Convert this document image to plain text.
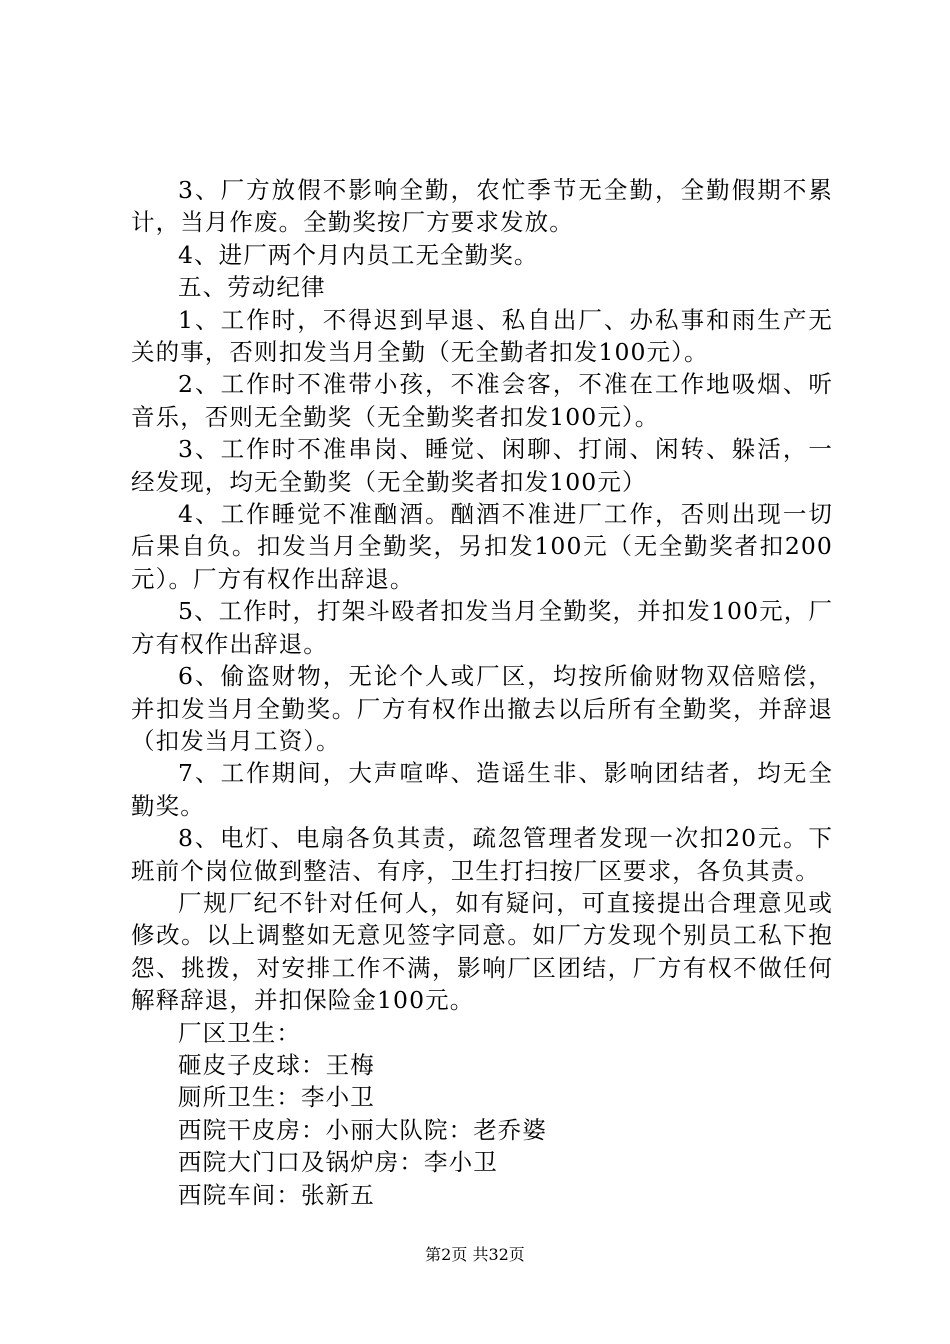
3、厂方放假不影响全勤，农忙季节无全勤，全勤假期不累计，当月作废。全勤奖按厂方要求发放。

4、进厂两个月内员工无全勤奖。

五、劳动纪律

1、工作时，不得迟到早退、私自出厂、办私事和雨生产无关的事，否则扣发当月全勤（无全勤者扣发100元）。

2、工作时不准带小孩，不准会客，不准在工作地吸烟、听音乐，否则无全勤奖（无全勤奖者扣发100元）。

3、工作时不准串岗、睡觉、闲聊、打闹、闲转、躲活，一经发现，均无全勤奖（无全勤奖者扣发100元）

4、工作睡觉不准酗酒。酗酒不准进厂工作，否则出现一切后果自负。扣发当月全勤奖，另扣发100元（无全勤奖者扣200元）。厂方有权作出辞退。

5、工作时，打架斗殴者扣发当月全勤奖，并扣发100元，厂方有权作出辞退。

6、偷盗财物，无论个人或厂区，均按所偷财物双倍赔偿，并扣发当月全勤奖。厂方有权作出撤去以后所有全勤奖，并辞退（扣发当月工资）。

7、工作期间，大声喧哗、造谣生非、影响团结者，均无全勤奖。

8、电灯、电扇各负其责，疏忽管理者发现一次扣20元。下班前个岗位做到整洁、有序，卫生打扫按厂区要求，各负其责。

厂规厂纪不针对任何人，如有疑问，可直接提出合理意见或修改。以上调整如无意见签字同意。如厂方发现个别员工私下抱怨、挑拨，对安排工作不满，影响厂区团结，厂方有权不做任何解释辞退，并扣保险金100元。

厂区卫生：

砸皮子皮球：王梅

厕所卫生：李小卫

西院干皮房：小丽大队院：老乔婆

西院大门口及锅炉房：李小卫

西院车间：张新五

第2页 共32页
